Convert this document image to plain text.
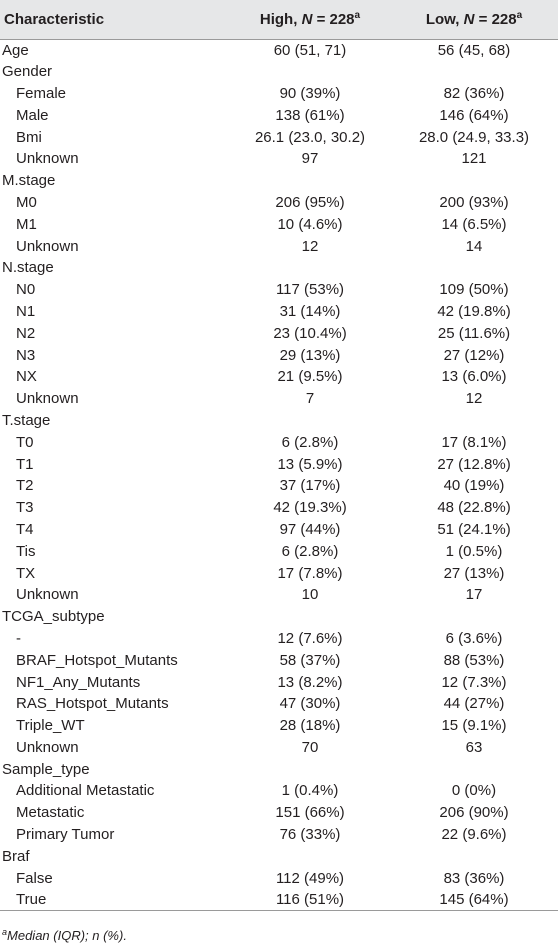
Characteristic	High, $N = 228^a$	Low, $N = 228^a$
Age	60 (51, 71)	56 (45, 68)
Gender		
Female	90 (39%)	82 (36%)
Male	138 (61%)	146 (64%)
Bmi	26.1 (23.0, 30.2)	28.0 (24.9, 33.3)
Unknown	97	121
M.stage		
M0	206 (95%)	200 (93%)
M1	10 (4.6%)	14 (6.5%)
Unknown	12	14
N.stage		
N0	117 (53%)	109 (50%)
N1	31 (14%)	42 (19.8%)
N2	23 (10.4%)	25 (11.6%)
N3	29 (13%)	27 (12%)
NX	21 (9.5%)	13 (6.0%)
Unknown	7	12
T.stage		
T0	6 (2.8%)	17 (8.1%)
T1	13 (5.9%)	27 (12.8%)
T2	37 (17%)	40 (19%)
T3	42 (19.3%)	48 (22.8%)
T4	97 (44%)	51 (24.1%)
Tis	6 (2.8%)	1 (0.5%)
TX	17 (7.8%)	27 (13%)
Unknown	10	17
TCGA_subtype		
-	12 (7.6%)	6 (3.6%)
BRAF_Hotspot_Mutants	58 (37%)	88 (53%)
NF1_Any_Mutants	13 (8.2%)	12 (7.3%)
RAS_Hotspot_Mutants	47 (30%)	44 (27%)
Triple_WT	28 (18%)	15 (9.1%)
Unknown	70	63
Sample_type		
Additional Metastatic	1 (0.4%)	0 (0%)
Metastatic	151 (66%)	206 (90%)
Primary Tumor	76 (33%)	22 (9.6%)
Braf		
False	112 (49%)	83 (36%)
True	116 (51%)	145 (64%)
$^a$Median (IQR); n (%).
